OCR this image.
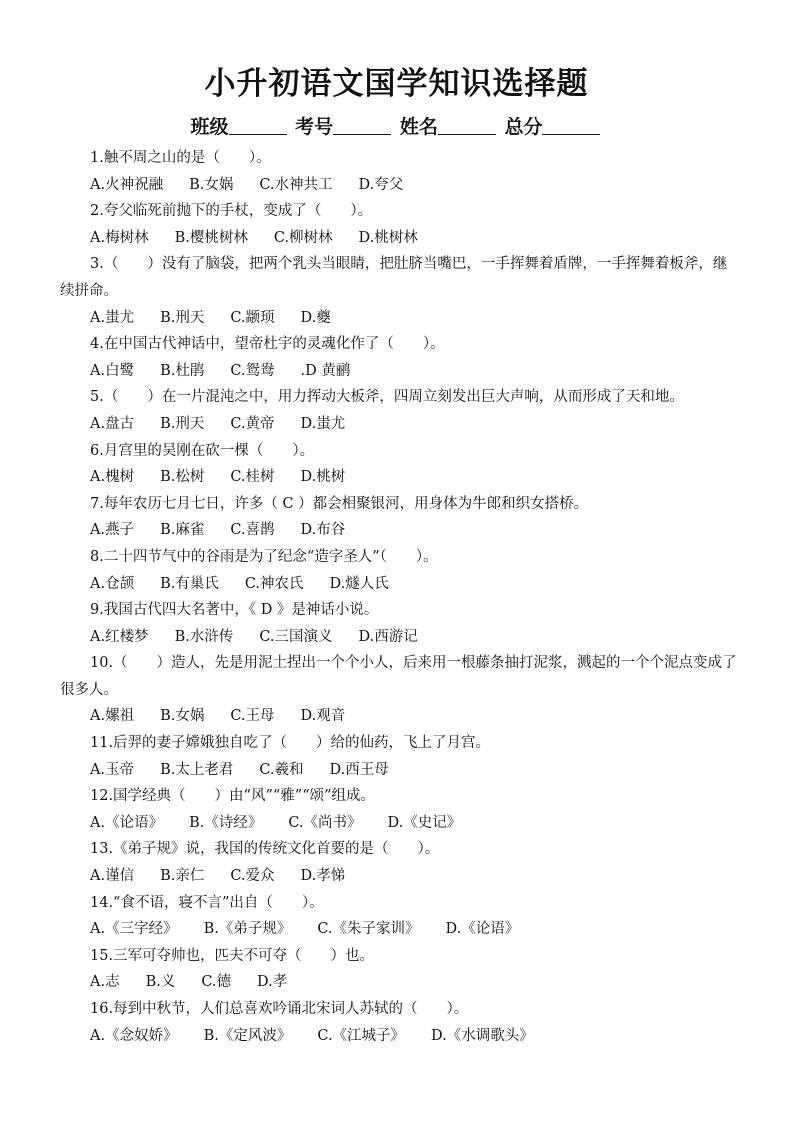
小升初语文国学知识选择题
班级	考号	姓名	总分
1.触不周之山的是（　　）。
A.火神祝融 B.女娲 C.水神共工 D.夸父
2.夸父临死前抛下的手杖，变成了（　　）。
A.梅树林 B.樱桃树林 C.柳树林 D.桃树林
3.（　　）没有了脑袋，把两个乳头当眼睛，把肚脐当嘴巴，一手挥舞着盾牌，一手挥舞着板斧，继续拼命。
A.蚩尤 B.刑天 C.颛顼 D.夔
4.在中国古代神话中，望帝杜宇的灵魂化作了（　　）。
A.白鹭 B.杜鹃 C.鸳鸯 .D 黄鹂
5.（　　）在一片混沌之中，用力挥动大板斧，四周立刻发出巨大声响，从而形成了天和地。
A.盘古 B.刑天 C.黄帝 D.蚩尤
6.月宫里的吴刚在砍一棵（　　）。
A.槐树 B.松树 C.桂树 D.桃树
7.每年农历七月七日，许多（ C ）都会相聚银河，用身体为牛郎和织女搭桥。
A.燕子 B.麻雀 C.喜鹊 D.布谷
8.二十四节气中的谷雨是为了纪念“造字圣人”（　　）。
A.仓颉 B.有巢氏 C.神农氏 D.燧人氏
9.我国古代四大名著中，《 D 》是神话小说。
A.红楼梦 B.水浒传 C.三国演义 D.西游记
10.（　　）造人，先是用泥土捏出一个个小人，后来用一根藤条抽打泥浆，溅起的一个个泥点变成了很多人。
A.嫘祖 B.女娲 C.王母 D.观音
11.后羿的妻子嫦娥独自吃了（　　）给的仙药，飞上了月宫。
A.玉帝 B.太上老君 C.羲和 D.西王母
12.国学经典（　　）由“风”“雅”“颂”组成。
A.《论语》 B.《诗经》 C.《尚书》 D.《史记》
13.《弟子规》说，我国的传统文化首要的是（　　）。
A.谨信 B.亲仁 C.爱众 D.孝悌
14.“食不语，寝不言”出自（　　）。
A.《三字经》 B.《弟子规》 C.《朱子家训》 D.《论语》
15.三军可夺帅也，匹夫不可夺（　　）也。
A.志 B.义 C.德 D.孝
16.每到中秋节，人们总喜欢吟诵北宋词人苏轼的（　　）。
A.《念奴娇》 B.《定风波》 C.《江城子》 D.《水调歌头》
